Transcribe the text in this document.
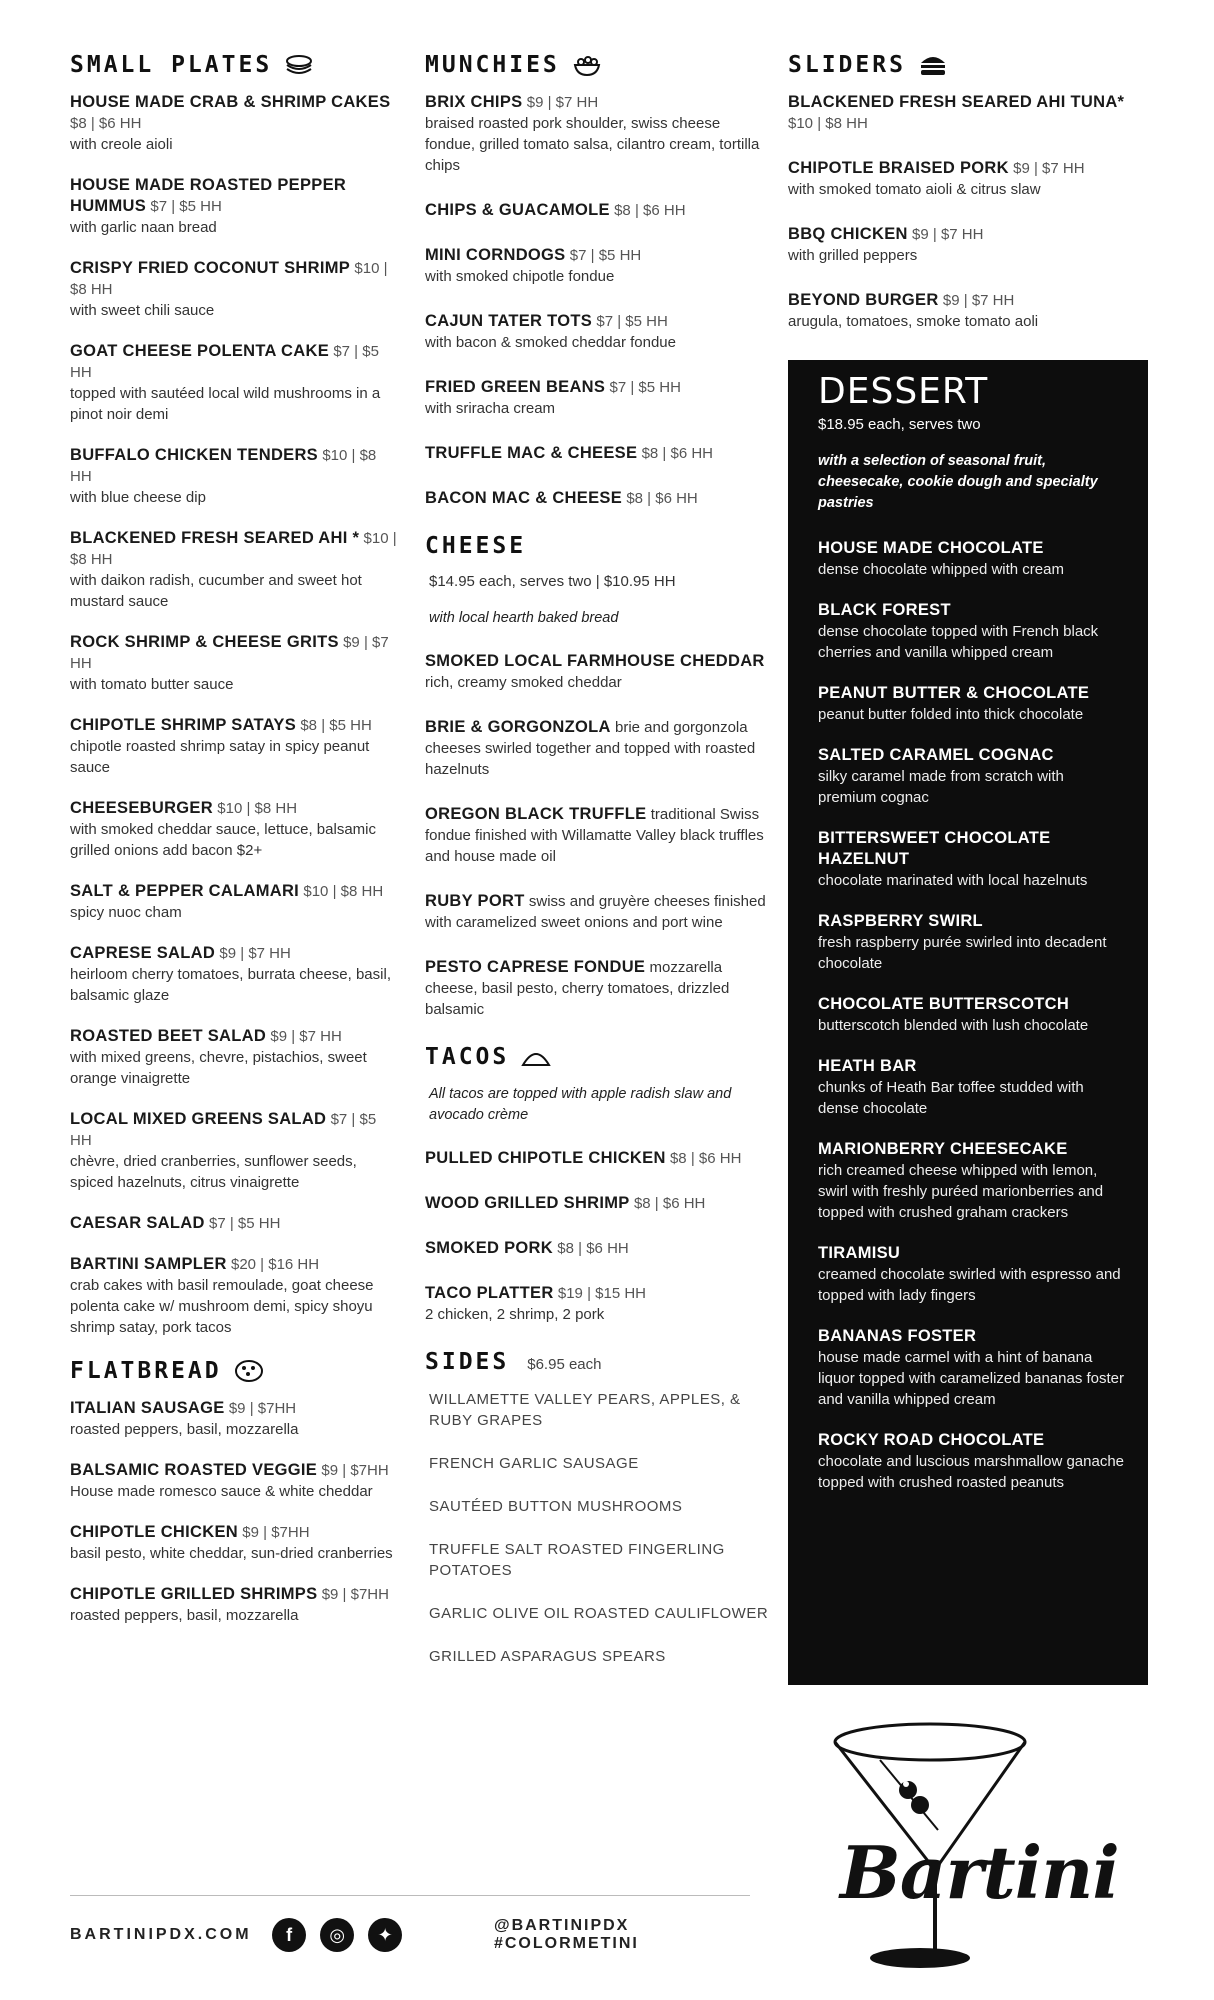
SMALL PLATES
HOUSE MADE CRAB & SHRIMP CAKES $8 | $6 HH
with creole aioli
HOUSE MADE ROASTED PEPPER HUMMUS $7 | $5 HH
with garlic naan bread
CRISPY FRIED COCONUT SHRIMP $10 | $8 HH
with sweet chili sauce
GOAT CHEESE POLENTA CAKE $7 | $5 HH
topped with sautéed local wild mushrooms in a pinot noir demi
BUFFALO CHICKEN TENDERS $10 | $8 HH
with blue cheese dip
BLACKENED FRESH SEARED AHI * $10 | $8 HH
with daikon radish, cucumber and sweet hot mustard sauce
ROCK SHRIMP & CHEESE GRITS $9 | $7 HH
with tomato butter sauce
CHIPOTLE SHRIMP SATAYS $8 | $5 HH
chipotle roasted shrimp satay in spicy peanut sauce
CHEESEBURGER $10 | $8 HH
with smoked cheddar sauce, lettuce, balsamic grilled onions add bacon $2+
SALT & PEPPER CALAMARI $10 | $8 HH
spicy nuoc cham
CAPRESE SALAD $9 | $7 HH
heirloom cherry tomatoes, burrata cheese, basil, balsamic glaze
ROASTED BEET SALAD $9 | $7 HH
with mixed greens, chevre, pistachios, sweet orange vinaigrette
LOCAL MIXED GREENS SALAD $7 | $5 HH
chèvre, dried cranberries, sunflower seeds, spiced hazelnuts, citrus vinaigrette
CAESAR SALAD $7 | $5 HH
BARTINI SAMPLER $20 | $16 HH
crab cakes with basil remoulade, goat cheese polenta cake w/ mushroom demi, spicy shoyu shrimp satay, pork tacos
FLATBREAD
ITALIAN SAUSAGE $9 | $7HH
roasted peppers, basil, mozzarella
BALSAMIC ROASTED VEGGIE $9 | $7HH
House made romesco sauce & white cheddar
CHIPOTLE CHICKEN $9 | $7HH
basil pesto, white cheddar, sun-dried cranberries
CHIPOTLE GRILLED SHRIMPS $9 | $7HH
roasted peppers, basil, mozzarella
MUNCHIES
BRIX CHIPS $9 | $7 HH
braised roasted pork shoulder, swiss cheese fondue, grilled tomato salsa, cilantro cream, tortilla chips
CHIPS & GUACAMOLE $8 | $6 HH
MINI CORNDOGS $7 | $5 HH
with smoked chipotle fondue
CAJUN TATER TOTS $7 | $5 HH
with bacon & smoked cheddar fondue
FRIED GREEN BEANS $7 | $5 HH
with sriracha cream
TRUFFLE MAC & CHEESE $8 | $6 HH
BACON MAC & CHEESE $8 | $6 HH
CHEESE
$14.95 each, serves two | $10.95 HH
with local hearth baked bread
SMOKED LOCAL FARMHOUSE CHEDDAR rich, creamy smoked cheddar
BRIE & GORGONZOLA brie and gorgonzola cheeses swirled together and topped with roasted hazelnuts
OREGON BLACK TRUFFLE traditional Swiss fondue finished with Willamatte Valley black truffles and house made oil
RUBY PORT swiss and gruyère cheeses finished with caramelized sweet onions and port wine
PESTO CAPRESE FONDUE mozzarella cheese, basil pesto, cherry tomatoes, drizzled balsamic
TACOS
All tacos are topped with apple radish slaw and avocado crème
PULLED CHIPOTLE CHICKEN $8 | $6 HH
WOOD GRILLED SHRIMP $8 | $6 HH
SMOKED PORK $8 | $6 HH
TACO PLATTER $19 | $15 HH
2 chicken, 2 shrimp, 2 pork
SIDES $6.95 each
WILLAMETTE VALLEY PEARS, APPLES, & RUBY GRAPES
FRENCH GARLIC SAUSAGE
SAUTÉED BUTTON MUSHROOMS
TRUFFLE SALT ROASTED FINGERLING POTATOES
GARLIC OLIVE OIL ROASTED CAULIFLOWER
GRILLED ASPARAGUS SPEARS
SLIDERS
BLACKENED FRESH SEARED AHI TUNA* $10 | $8 HH
CHIPOTLE BRAISED PORK $9 | $7 HH
with smoked tomato aioli & citrus slaw
BBQ CHICKEN $9 | $7 HH
with grilled peppers
BEYOND BURGER $9 | $7 HH
arugula, tomatoes, smoke tomato aoli
DESSERT
$18.95 each, serves two
with a selection of seasonal fruit, cheesecake, cookie dough and specialty pastries
HOUSE MADE CHOCOLATE
dense chocolate whipped with cream
BLACK FOREST
dense chocolate topped with French black cherries and vanilla whipped cream
PEANUT BUTTER & CHOCOLATE
peanut butter folded into thick chocolate
SALTED CARAMEL COGNAC
silky caramel made from scratch with premium cognac
BITTERSWEET CHOCOLATE HAZELNUT
chocolate marinated with local hazelnuts
RASPBERRY SWIRL
fresh raspberry purée swirled into decadent chocolate
CHOCOLATE BUTTERSCOTCH
butterscotch blended with lush chocolate
HEATH BAR
chunks of Heath Bar toffee studded with dense chocolate
MARIONBERRY CHEESECAKE
rich creamed cheese whipped with lemon, swirl with freshly puréed marionberries and topped with crushed graham crackers
TIRAMISU
creamed chocolate swirled with espresso and topped with lady fingers
BANANAS FOSTER
house made carmel with a hint of banana liquor topped with caramelized bananas foster and vanilla whipped cream
ROCKY ROAD CHOCOLATE
chocolate and luscious marshmallow ganache topped with crushed roasted peanuts
BARTINIPDX.COM	f	◎	✦	@BARTINIPDX #COLORMETINI
Bartini
